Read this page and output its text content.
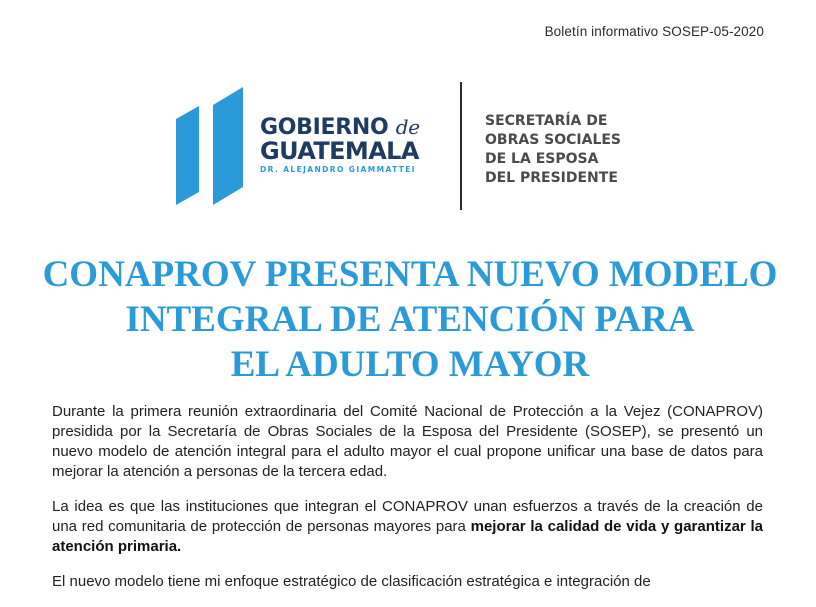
Boletín informativo SOSEP-05-2020
GOBIERNO de
GUATEMALA
DR. ALEJANDRO GIAMMATTEI
SECRETARÍA DE
OBRAS SOCIALES
DE LA ESPOSA
DEL PRESIDENTE
CONAPROV PRESENTA NUEVO MODELO
INTEGRAL DE ATENCIÓN PARA
EL ADULTO MAYOR

Durante la primera reunión extraordinaria del Comité Nacional de Protección a la Vejez (CONAPROV) presidida por la Secretaría de Obras Sociales de la Esposa del Presidente (SOSEP), se presentó un nuevo modelo de atención integral para el adulto mayor el cual propone unificar una base de datos para mejorar la atención a personas de la tercera edad.

La idea es que las instituciones que integran el CONAPROV unan esfuerzos a través de la creación de una red comunitaria de protección de personas mayores para mejorar la calidad de vida y garantizar la atención primaria.

El nuevo modelo tiene mi enfoque estratégico de clasificación estratégica e integración de
